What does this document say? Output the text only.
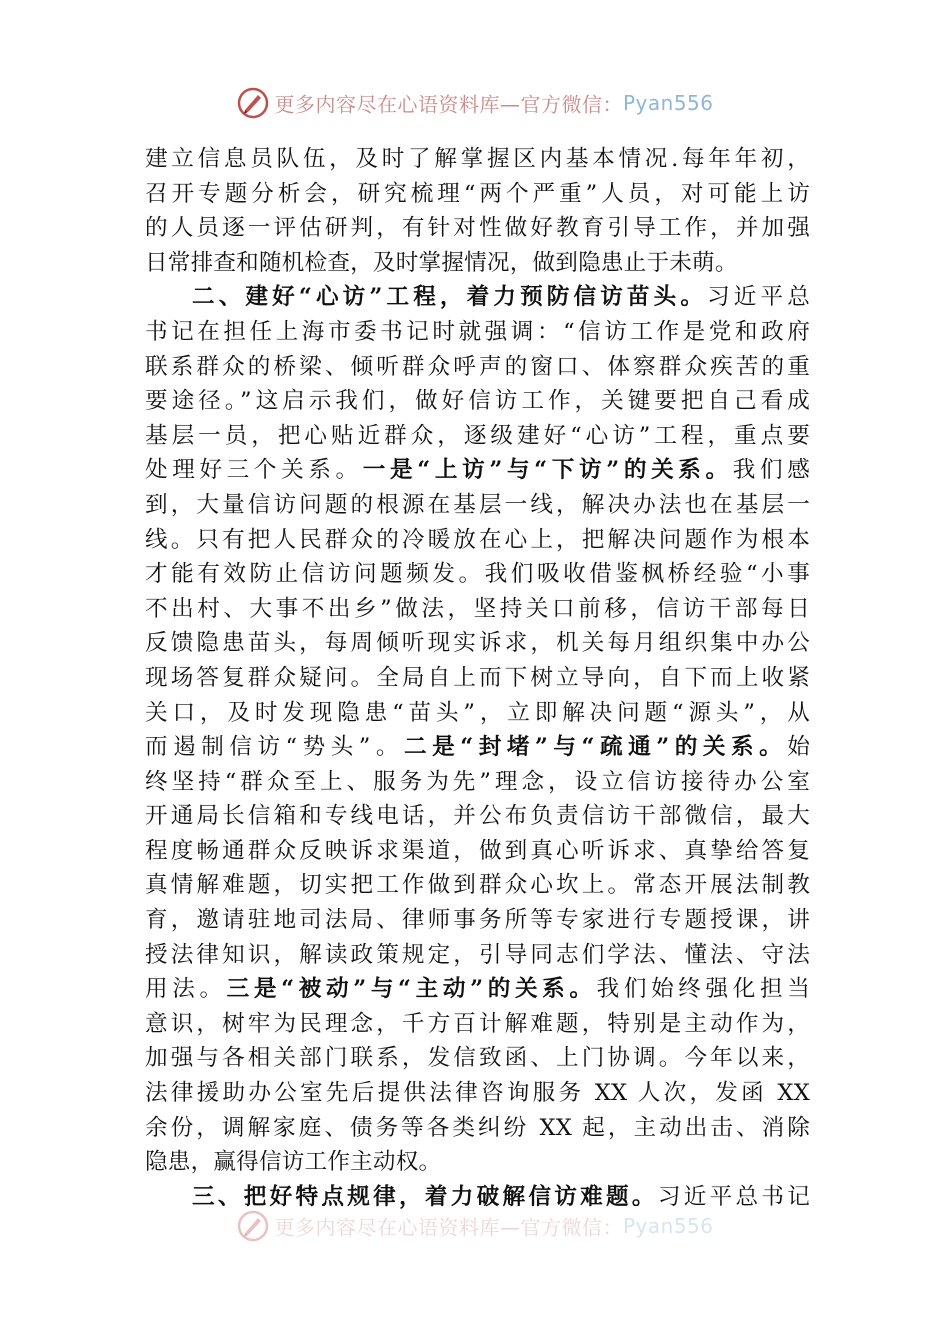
更多内容尽在心语资料库—官方微信：Pyan556

建立信息员队伍，及时了解掌握区内基本情况.每年年初，

召开专题分析会，研究梳理“两个严重”人员，对可能上访

的人员逐一评估研判，有针对性做好教育引导工作，并加强

日常排查和随机检查，及时掌握情况，做到隐患止于未萌。

二、建好“心访”工程，着力预防信访苗头。习近平总

书记在担任上海市委书记时就强调：“信访工作是党和政府

联系群众的桥梁、倾听群众呼声的窗口、体察群众疾苦的重

要途径。”这启示我们，做好信访工作，关键要把自己看成

基层一员，把心贴近群众，逐级建好“心访”工程，重点要

处理好三个关系。一是“上访”与“下访”的关系。我们感

到，大量信访问题的根源在基层一线，解决办法也在基层一

线。只有把人民群众的冷暖放在心上，把解决问题作为根本

才能有效防止信访问题频发。我们吸收借鉴枫桥经验“小事

不出村、大事不出乡”做法，坚持关口前移，信访干部每日

反馈隐患苗头，每周倾听现实诉求，机关每月组织集中办公

现场答复群众疑问。全局自上而下树立导向，自下而上收紧

关口，及时发现隐患“苗头”，立即解决问题“源头”，从

而遏制信访“势头”。二是“封堵”与“疏通”的关系。始

终坚持“群众至上、服务为先”理念，设立信访接待办公室

开通局长信箱和专线电话，并公布负责信访干部微信，最大

程度畅通群众反映诉求渠道，做到真心听诉求、真挚给答复

真情解难题，切实把工作做到群众心坎上。常态开展法制教

育，邀请驻地司法局、律师事务所等专家进行专题授课，讲

授法律知识，解读政策规定，引导同志们学法、懂法、守法

用法。三是“被动”与“主动”的关系。我们始终强化担当

意识，树牢为民理念，千方百计解难题，特别是主动作为，

加强与各相关部门联系，发信致函、上门协调。今年以来，

法律援助办公室先后提供法律咨询服务 XX 人次，发函 XX

余份，调解家庭、债务等各类纠纷 XX 起，主动出击、消除

隐患，赢得信访工作主动权。

三、把好特点规律，着力破解信访难题。习近平总书记

更多内容尽在心语资料库—官方微信：Pyan556
